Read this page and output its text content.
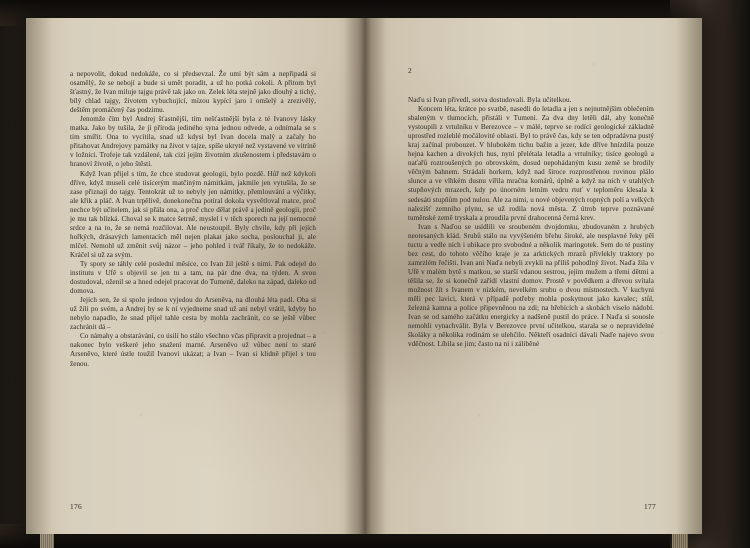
a nepovolit, dokud nedokáže, co si předsevzal. Že umí být sám a nepřipadá si osamělý, že se nebojí a bude si umět poradit, a už ho potká cokoli. A přitom byl šťastný, že Ivan miluje tajgu právě tak jako on. Zelek léta stejně jako dlouhý a tichý, bílý chlad tajgy, životem vybuchující, mízou kypící jaro i omšelý a zrezivělý, deštěm promáčený čas podzimu.

Jenomže čím byl Andrej šťastnější, tím nešťastnější byla z té Ivanovy lásky matka. Jako by tušila, že jí příroda jediného syna jednou odvede, a odnímala se s tím smířit. Ona to vycítila, snad už kdysi byl Ivan docela malý a začaly ho přitahovat Andrejovy památky na život v tajze, spíše ukryté než vystavené ve vitríně v ložnici. Trofeje tak vzdálené, tak cizí jejím životním zkušenostem i představám o hranoví životě, o jeho štěstí.

Když Ivan přijel s tím, že chce studovat geologii, bylo pozdě. Hůř než kdykoli dříve, když museli celé tisícerým matčiným námitkám, jakmile jen vytušila, že se zase přiznají do tajgy. Tentokrát už to nebyly jen námitky, přemlouvání a výčitky, ale křik a pláč. A Ivan trpělivě, donekonečna potíral dokola vysvětloval matce, proč nechce být učitelem, jak si přála ona, a proč chce dělat právě a jedině geologii, proč je mu tak blízká. Choval se k matce šetrně, myslel i v těch sporech na její nemocné srdce a na to, že se nemá rozčilovat. Ale neustoupil. Byly chvíle, kdy při jejích hořkých, drásavých lamentacích měl nejen plakat jako socha, poslouchal ji, ale mlčel. Nemohl už změnit svůj názor – jeho pohled i tvář říkaly, že to nedokáže. Kráčel si už za svým.

Ty spory se táhly celé poslední měsíce, co Ivan žil ještě s nimi. Pak odejel do institutu v Ufě s objevil se jen tu a tam, na pár dne dva, na týden. A svou dostudoval, oženil se a hned odejel pracovat do Tumeně, daleko na západ, daleko od domova.

Jejich sen, že si spolu jednou vyjedou do Arseněva, na dlouhá léta padl. Oba si už žili po svém, a Andrej by se k ní vyjedneme snad už ani nebyl vrátil, kdyby ho nebylo napadlo, že snad přijel tahle cesta by mohla zachránit, co se ještě vůbec zachránit dá –

Co námahy a obstarávání, co úsilí ho stálo všechno včas připravit a projednat – a nakonec bylo veškeré jeho snažení marné. Arseněvo už vůbec není to staré Arseněvo, které ústle toužil Ivanovi ukázat; a Ivan – Ivan si klidně přijel s tou ženou.

176
2

Naďu si Ivan přivedl, sotva dostudovali. Byla učitelkou.

Koncem léta, krátce po svatbě, nasedli do letadla a jen s nejnutnějším oblečením sbaleným v tlumocích, přistáli v Tumeni. Za dva dny letěli dál, aby konečně vystoupili z vrtulníku v Berezovce – v málé, teprve se rodící geologické základně uprostřed rozlehlé močálovité oblasti. Byl to právě čas, kdy se ten odpradávna pustý kraj začínal probouzet. V hlubokém tichu bažin a jezer, kde dříve hnízdila pouze hejna kachen a divokých hus, nyní přelétala letadla a vrtulníky; tisíce geologů a naťařů roztroušených po obrovském, dosud nepohádaným kusu země se brodily věčným bahnem. Strádali horkem, když nad široce rozprostřenou rovinou plálo slunce a ve vlhkém dusnu vířila mračna komárů, úplně a když na nich v utahlých stupňových mrazech, kdy po únorném letním vedru rtuť v teploměru klesala k sedesáti stupňům pod nulou. Ale za nimi, u nové objevených ropných polí a velkých nalezišť zemního plynu, se už rodila nová města. Z útrob teprve poznávané tuměnské země tryskala a proudila první drahocenná černá krev.

Ivan s Naďou se usídlili ve sroubeném dvojdomku, zbudovaném z hrubých neotesaných klád. Srubů stálo na vyvýšeném břehu široké, ale nesplavné řeky pěl tuctu a vedle nich i ubikace pro svobodné a několik maringotek. Sem do té pustiny bez cest, do tohoto věčího kraje je za arktických mrazů přivlekly traktory po zamrzlém řečišti. Ivan ani Naďa nebyli zvykli na příliš pohodlný život. Naďa žila v Ufě v malém bytě s matkou, se starší vdanou sestrou, jejím mužem a třemi dětmi a těšila se, že si konečně zařídí vlastní domov. Prostě v povědkem a dřevou svítala možnost žít s Ivanem v nízkém, nevelkém srubu o dvou místnostech. V kuchyni měli pec lavici, která v případě potřeby mohla poskytnout jako kavalec; stůl, železná kamna a police připevněnou na zdi; na hřebících a skobách viselo nádobí. Ivan se od samého začátku energicky a nadšeně pustil do práce. I Naďa si souosle nemohli vynachválit. Byla v Berezovce první učitelkou, starala se o nepravidelné školáky a několika rodinám se ulehčilo. Někteří osadníci dávali Naďe najevo svou vděčnost. Líbila se jim; často na ni i záliběné

177
